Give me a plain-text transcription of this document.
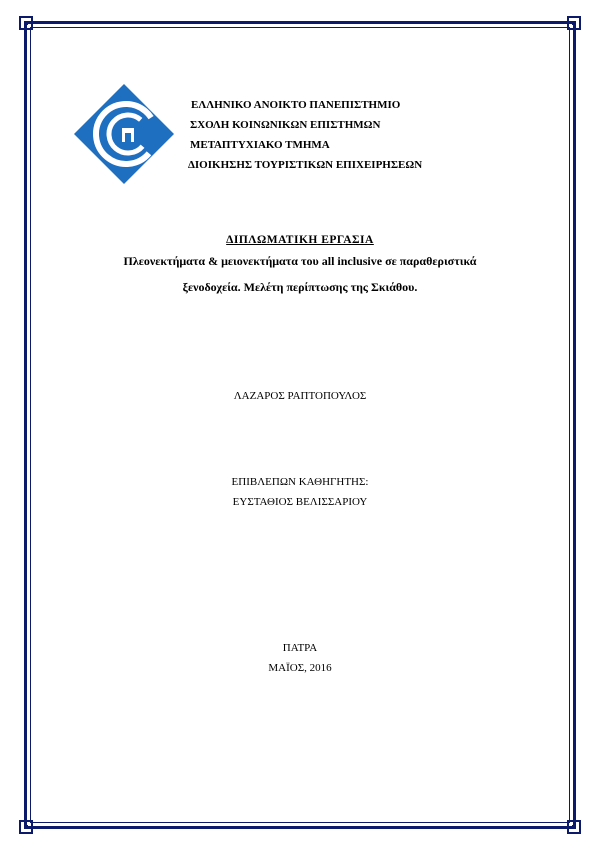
ΕΛΛΗΝΙΚΟ ΑΝΟΙΚΤΟ ΠΑΝΕΠΙΣΤΗΜΙΟ
ΣΧΟΛΗ ΚΟΙΝΩΝΙΚΩΝ ΕΠΙΣΤΗΜΩΝ
ΜΕΤΑΠΤΥΧΙΑΚΟ ΤΜΗΜΑ
ΔΙΟΙΚΗΣΗΣ ΤΟΥΡΙΣΤΙΚΩΝ ΕΠΙΧΕΙΡΗΣΕΩΝ
ΔΙΠΛΩΜΑΤΙΚΗ ΕΡΓΑΣΙΑ
Πλεονεκτήματα & μειονεκτήματα του all inclusive σε παραθεριστικά
ξενοδοχεία. Μελέτη περίπτωσης της Σκιάθου.
ΛΑΖΑΡΟΣ ΡΑΠΤΟΠΟΥΛΟΣ
ΕΠΙΒΛΕΠΩΝ ΚΑΘΗΓΗΤΗΣ:
ΕΥΣΤΑΘΙΟΣ ΒΕΛΙΣΣΑΡΙΟΥ
ΠΑΤΡΑ
ΜΑΪΟΣ, 2016
